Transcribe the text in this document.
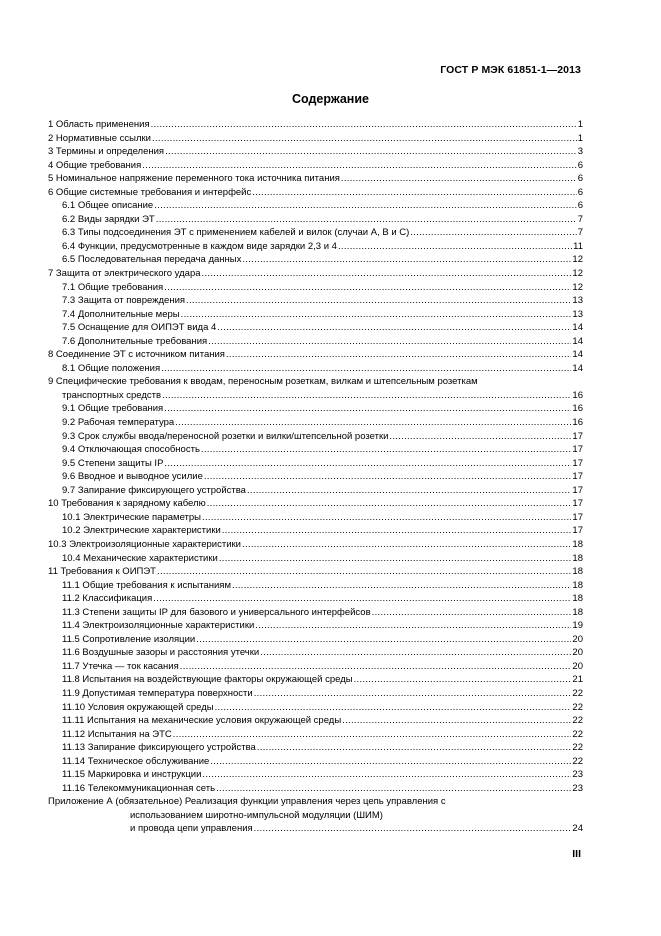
ГОСТ Р МЭК 61851-1—2013
Содержание
1 Область применения .....	1
2 Нормативные ссылки .....	1
3 Термины и определения .....	3
4 Общие требования .....	6
5 Номинальное напряжение переменного тока источника питания .....	6
6 Общие системные требования и интерфейс .....	6
6.1 Общее описание .....	6
6.2 Виды зарядки ЭТ .....	7
6.3 Типы подсоединения ЭТ с применением кабелей и вилок (случаи A, B и C) .....	7
6.4 Функции, предусмотренные в каждом виде зарядки 2,3 и 4 .....	11
6.5 Последовательная передача данных .....	12
7 Защита от электрического удара .....	12
7.1 Общие требования .....	12
7.3 Защита от повреждения .....	13
7.4 Дополнительные меры .....	13
7.5 Оснащение для ОИПЭТ вида 4 .....	14
7.6 Дополнительные требования .....	14
8 Соединение ЭТ с источником питания .....	14
8.1 Общие положения .....	14
9 Специфические требования к вводам, переносным розеткам, вилкам и штепсельным розеткам
транспортных средств .....	16
9.1 Общие требования .....	16
9.2 Рабочая температура .....	16
9.3 Срок службы ввода/переносной розетки и вилки/штепсельной розетки .....	17
9.4 Отключающая способность .....	17
9.5 Степени защиты IP .....	17
9.6 Вводное и выводное усилие .....	17
9.7 Запирание фиксирующего устройства .....	17
10 Требования к зарядному кабелю .....	17
10.1 Электрические параметры .....	17
10.2 Электрические характеристики .....	17
10.3 Электроизоляционные характеристики .....	18
10.4 Механические характеристики .....	18
11 Требования к ОИПЭТ .....	18
11.1 Общие требования к испытаниям .....	18
11.2 Классификация .....	18
11.3 Степени защиты IP для базового и универсального интерфейсов .....	18
11.4 Электроизоляционные характеристики .....	19
11.5 Сопротивление изоляции .....	20
11.6 Воздушные зазоры и расстояния утечки .....	20
11.7 Утечка — ток касания .....	20
11.8 Испытания на воздействующие факторы окружающей среды .....	21
11.9 Допустимая температура поверхности .....	22
11.10 Условия окружающей среды .....	22
11.11 Испытания на механические условия окружающей среды .....	22
11.12 Испытания на ЭТС .....	22
11.13 Запирание фиксирующего устройства .....	22
11.14 Техническое обслуживание .....	22
11.15 Маркировка и инструкции .....	23
11.16 Телекоммуникационная сеть .....	23
Приложение А (обязательное) Реализация функции управления через цепь управления с
использованием широтно-импульсной модуляции (ШИМ)
и провода цепи управления .....	24
III
